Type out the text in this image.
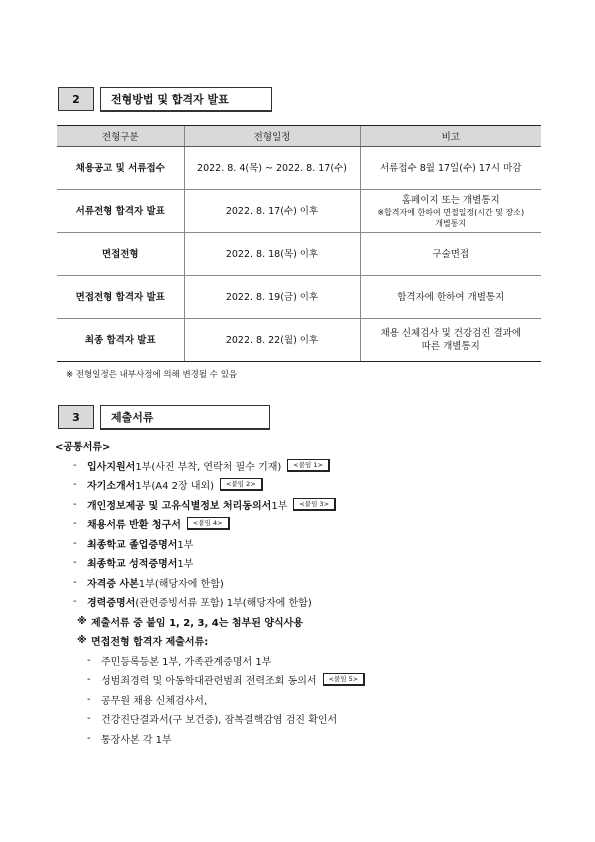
2	전형방법 및 합격자 발표
전형구분	전형일정	비고
채용공고 및 서류접수	2022. 8. 4(목) ~ 2022. 8. 17(수)	서류접수 8월 17일(수) 17시 마감
서류전형 합격자 발표	2022. 8. 17(수) 이후	홈페이지 또는 개별통지
※합격자에 한하여 면접일정(시간 및 장소)
개별통지

면접전형	2022. 8. 18(목) 이후	구술면접
면접전형 합격자 발표	2022. 8. 19(금) 이후	합격자에 한하여 개별통지
최종 합격자 발표	2022. 8. 22(월) 이후	채용 신체검사 및 건강검진 결과에
따른 개별통지
※ 전형일정은 내부사정에 의해 변경될 수 있음
3	제출서류
<공통서류>
-	입사지원서 1부(사진 부착, 연락처 필수 기재)	<붙임 1>
-	자기소개서 1부(A4 2장 내외)	<붙임 2>
-	개인정보제공 및 고유식별정보 처리동의서 1부	<붙임 3>
-	채용서류 반환 청구서	<붙임 4>
-	최종학교 졸업증명서 1부
-	최종학교 성적증명서 1부
-	자격증 사본 1부(해당자에 한함)
-	경력증명서 (관련증빙서류 포함) 1부(해당자에 한함)
※ 제출서류 중 붙임 1, 2, 3, 4는 첨부된 양식사용
※ 면접전형 합격자 제출서류:
-	주민등록등본 1부, 가족관계증명서 1부
-	성범죄경력 및 아동학대관련범죄 전력조회 동의서	<붙임 5>
-	공무원 채용 신체검사서,
-	건강진단결과서(구 보건증), 잠복결핵감염 검진 확인서
-	통장사본 각 1부
